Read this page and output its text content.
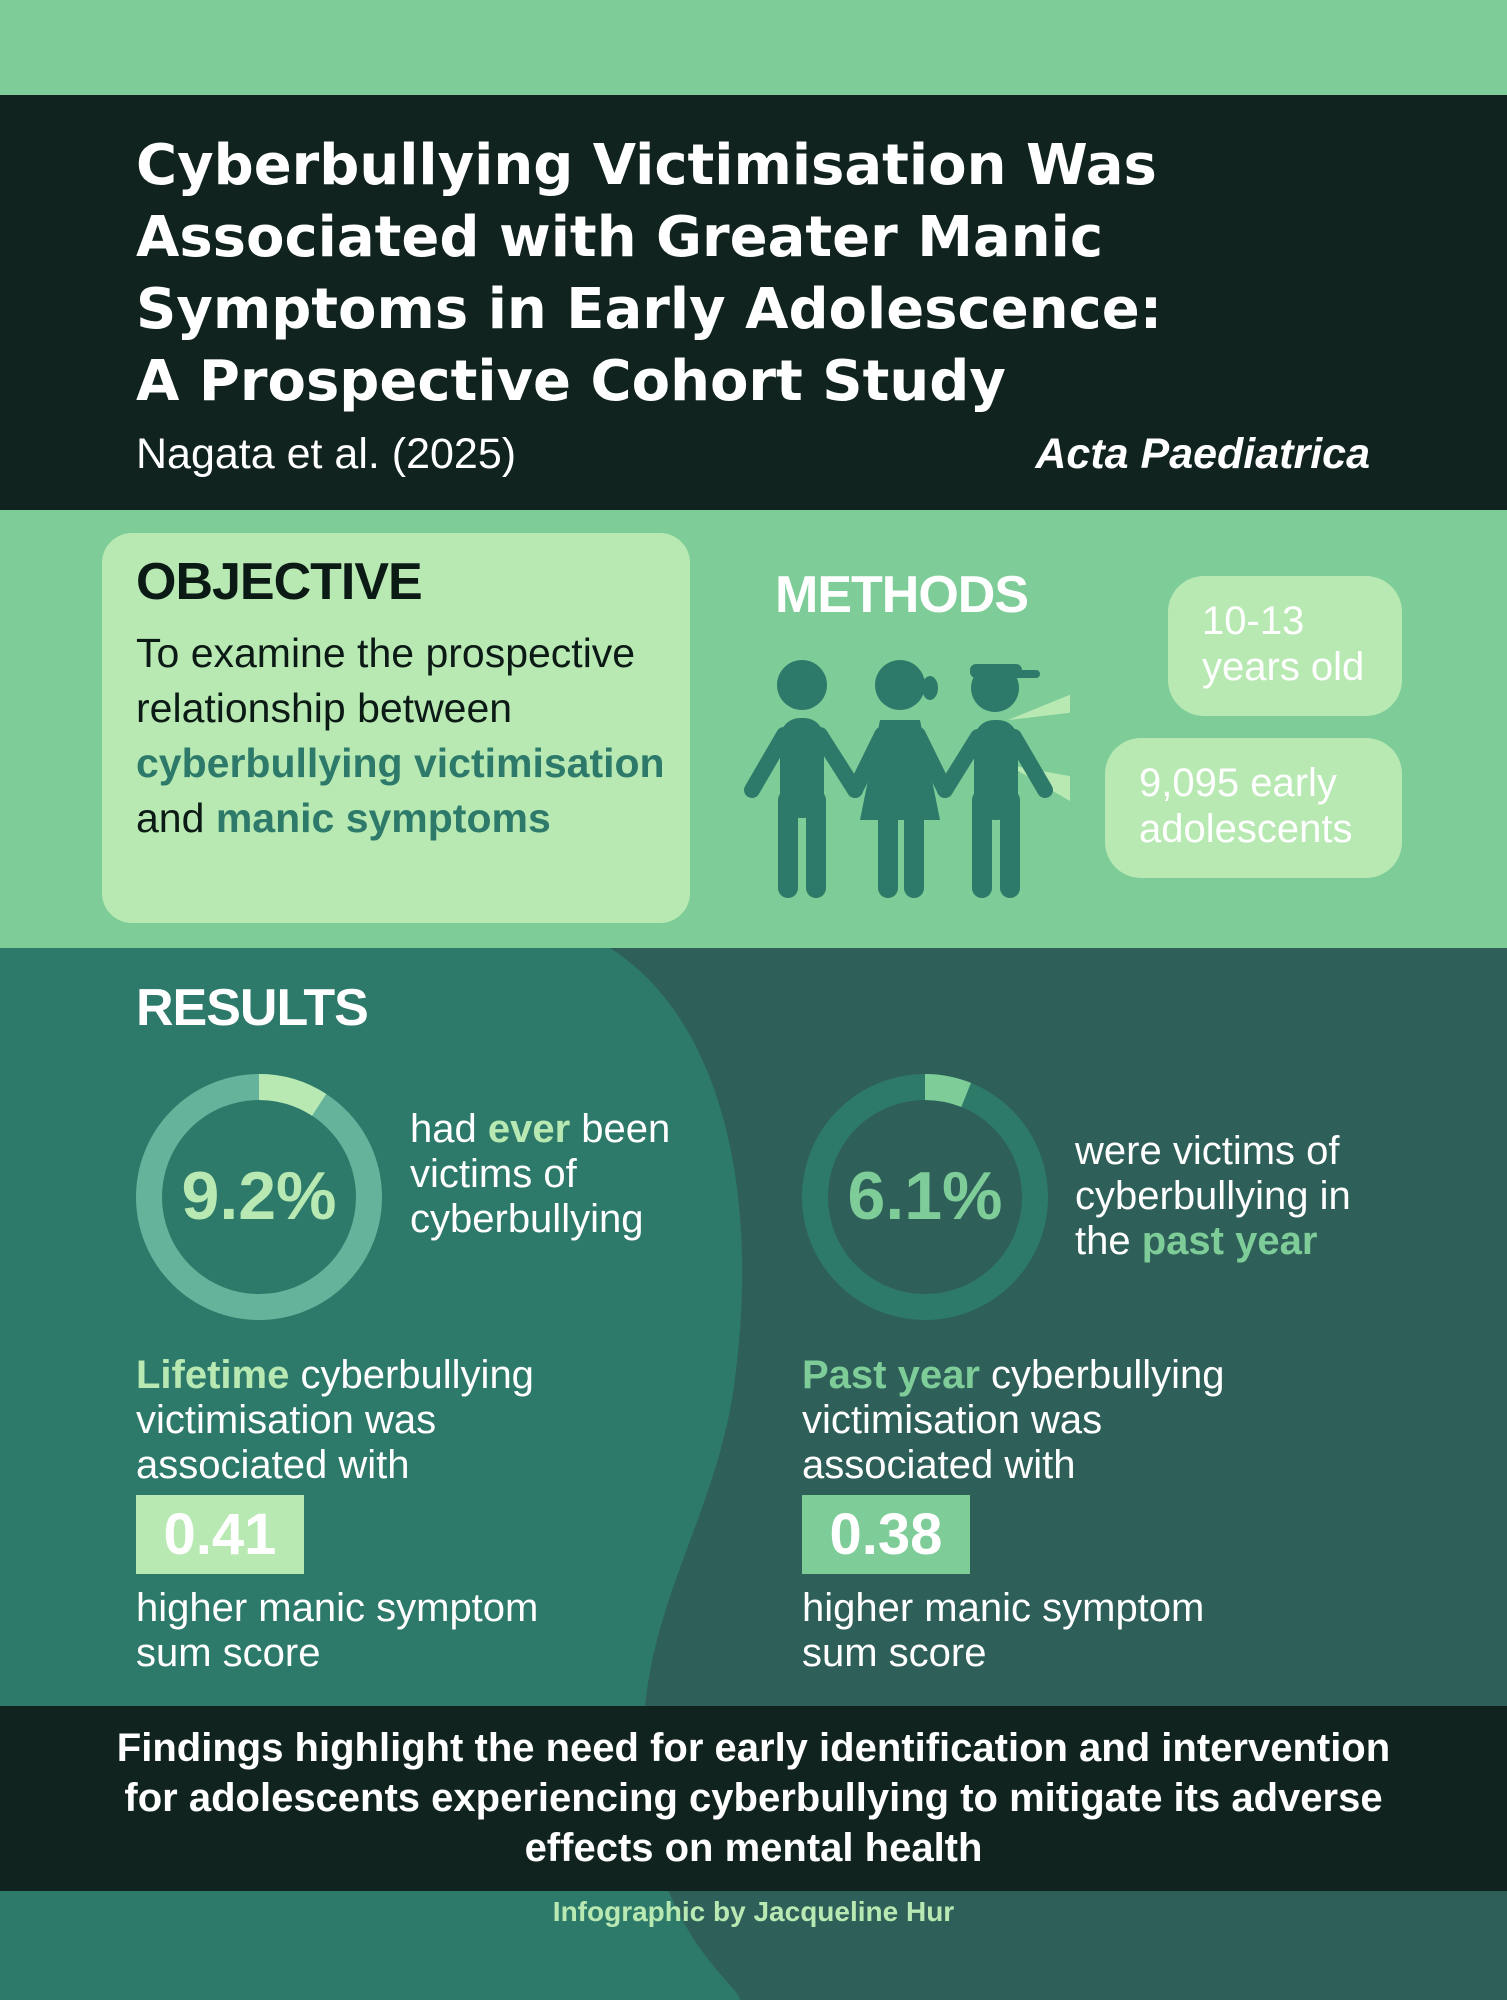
Cyberbullying Victimisation Was
Associated with Greater Manic
Symptoms in Early Adolescence:
A Prospective Cohort Study
Nagata et al. (2025)	Acta Paediatrica
OBJECTIVE
To examine the prospective relationship between cyberbullying victimisation and manic symptoms
METHODS	10-13
years old
9,095 early
adolescents
RESULTS
9.2%
had ever been victims of cyberbullying	6.1%
were victims of cyberbullying in the past year
Lifetime cyberbullying victimisation was associated with
Past year cyberbullying victimisation was associated with
0.41	0.38
higher manic symptom sum score
higher manic symptom sum score
Findings highlight the need for early identification and intervention for adolescents experiencing cyberbullying to mitigate its adverse effects on mental health
Infographic by Jacqueline Hur
